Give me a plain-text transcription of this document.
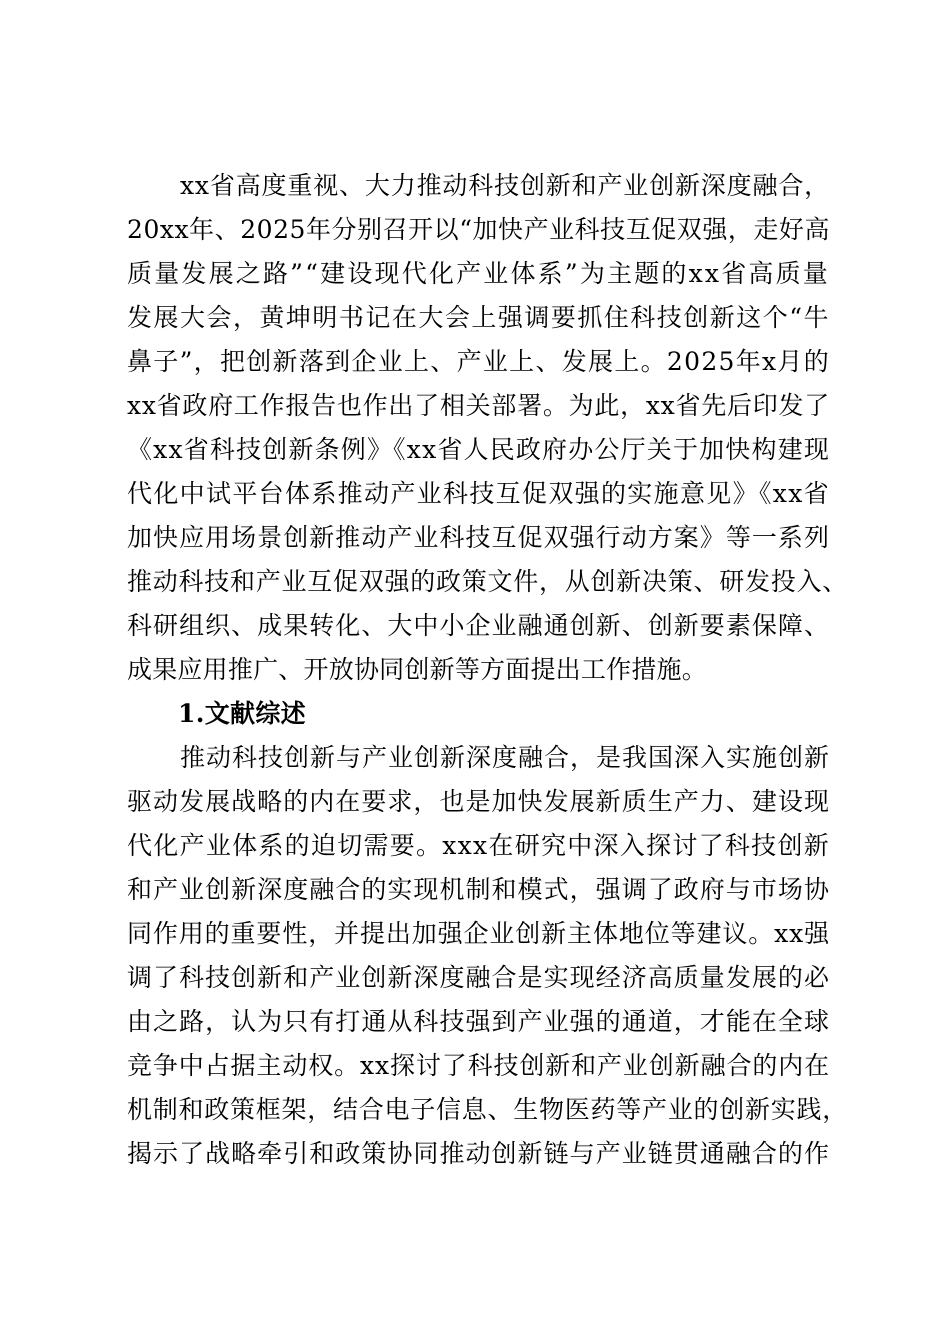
xx省高度重视、大力推动科技创新和产业创新深度融合，
20xx年、2025年分别召开以“加快产业科技互促双强，走好高
质量发展之路”“建设现代化产业体系”为主题的xx省高质量
发展大会，黄坤明书记在大会上强调要抓住科技创新这个“牛
鼻子”，把创新落到企业上、产业上、发展上。2025年x月的
xx省政府工作报告也作出了相关部署。为此，xx省先后印发了
《xx省科技创新条例》《xx省人民政府办公厅关于加快构建现
代化中试平台体系推动产业科技互促双强的实施意见》《xx省
加快应用场景创新推动产业科技互促双强行动方案》等一系列
推动科技和产业互促双强的政策文件，从创新决策、研发投入、
科研组织、成果转化、大中小企业融通创新、创新要素保障、
成果应用推广、开放协同创新等方面提出工作措施。
1.文献综述
推动科技创新与产业创新深度融合，是我国深入实施创新
驱动发展战略的内在要求，也是加快发展新质生产力、建设现
代化产业体系的迫切需要。xxx在研究中深入探讨了科技创新
和产业创新深度融合的实现机制和模式，强调了政府与市场协
同作用的重要性，并提出加强企业创新主体地位等建议。xx强
调了科技创新和产业创新深度融合是实现经济高质量发展的必
由之路，认为只有打通从科技强到产业强的通道，才能在全球
竞争中占据主动权。xx探讨了科技创新和产业创新融合的内在
机制和政策框架，结合电子信息、生物医药等产业的创新实践，
揭示了战略牵引和政策协同推动创新链与产业链贯通融合的作
